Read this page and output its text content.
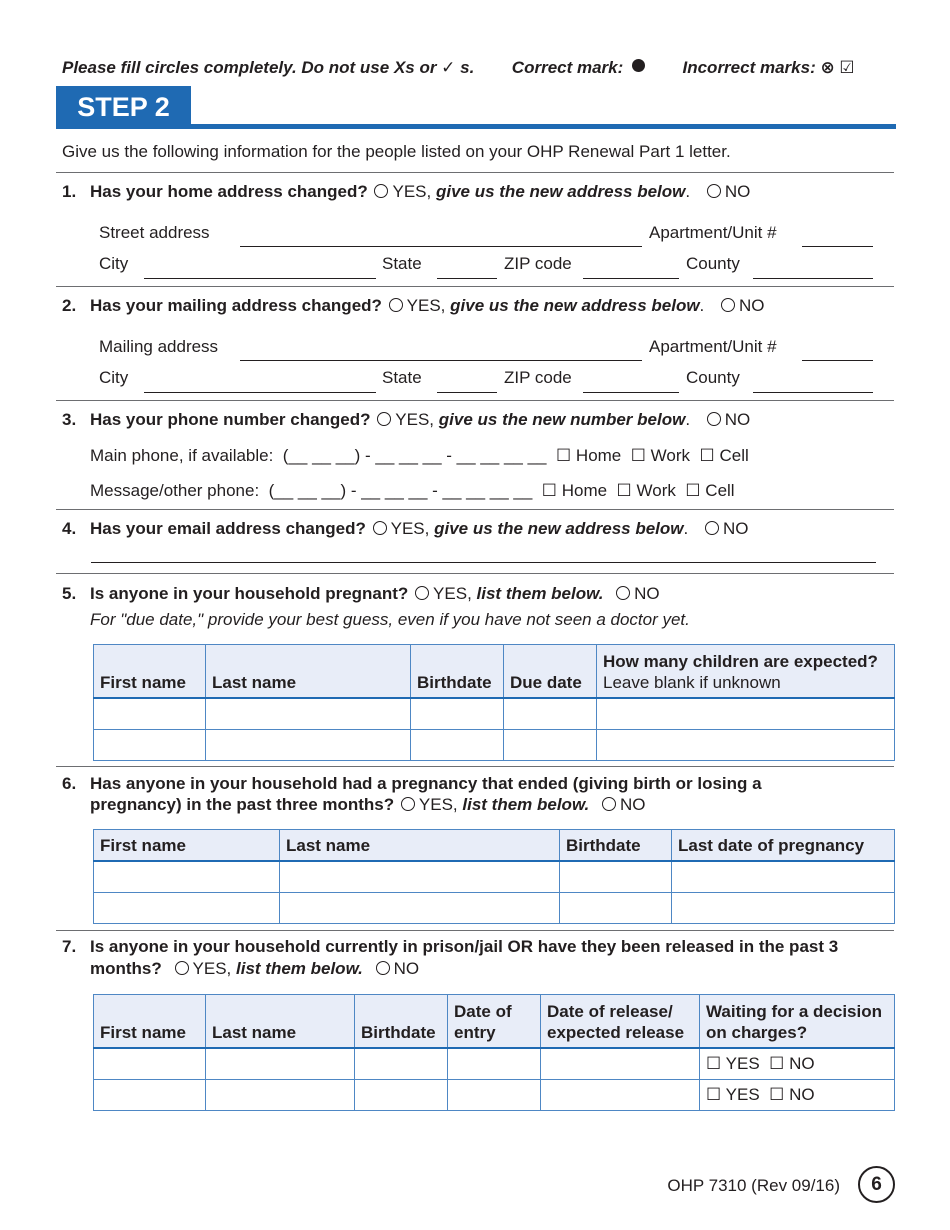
Please fill circles completely. Do not use Xs or ✓ s. Correct mark:	Incorrect marks: ⊗ ☑
STEP 2
Give us the following information for the people listed on your OHP Renewal Part 1 letter.
1. Has your home address changed? YES, give us the new address below. NO
Street address	Apartment/Unit #
City	State	ZIP code	County
2. Has your mailing address changed? YES, give us the new address below. NO
Mailing address	Apartment/Unit #
City	State	ZIP code	County
3. Has your phone number changed? YES, give us the new number below. NO
Main phone, if available: (__ __ __) - __ __ __ - __ __ __ __ ☐ Home ☐ Work ☐ Cell
Message/other phone: (__ __ __) - __ __ __ - __ __ __ __ ☐ Home ☐ Work ☐ Cell
4. Has your email address changed? YES, give us the new address below. NO
5. Is anyone in your household pregnant? YES, list them below. NO
For "due date," provide your best guess, even if you have not seen a doctor yet.
First name	Last name	Birthdate	Due date	How many children are expected? Leave blank if unknown

6. Has anyone in your household had a pregnancy that ended (giving birth or losing a
pregnancy) in the past three months? YES, list them below. NO
First name	Last name	Birthdate	Last date of pregnancy

7. Is anyone in your household currently in prison/jail OR have they been released in the past 3
months? YES, list them below. NO
First name	Last name	Birthdate	Date of entry	Date of release/ expected release	Waiting for a decision on charges?
					☐ YES  ☐ NO
					☐ YES  ☐ NO
OHP 7310 (Rev 09/16)	6
